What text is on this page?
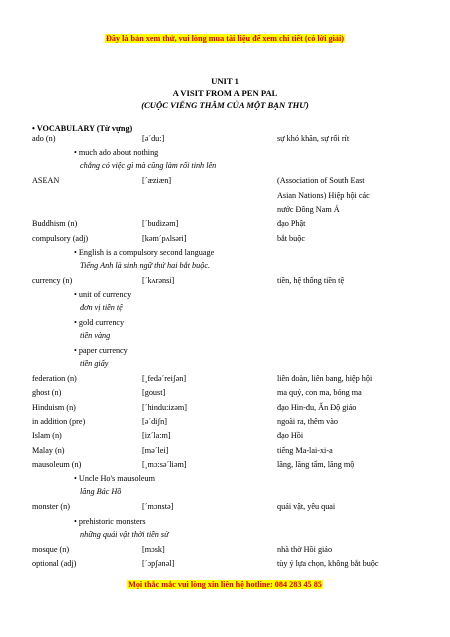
Đây là bản xem thử, vui lòng mua tài liệu để xem chi tiết (có lời giải)
UNIT 1
A VISIT FROM A PEN PAL
(CUỘC VIẾNG THĂM CỦA MỘT BẠN THƯ)
• VOCABULARY (Từ vựng)
ado (n)	[ə´du:]	sự khó khăn, sự rối rít
• much ado about nothing
chẳng có việc gì mà cũng làm rối tinh lên
ASEAN	[´æziæn]	(Association of South East
Asian Nations) Hiệp hội các
nước Đông Nam Á
Buddhism (n)	[´budizəm]	đạo Phật
compulsory (adj)	[kəm´pʌlsəri]	bắt buộc
• English is a compulsory second language
Tiếng Anh là sinh ngữ thứ hai bắt buộc.
currency (n)	[´kʌrənsi]	tiền, hệ thống tiền tệ
• unit of currency
đơn vị tiền tệ
• gold currency
tiền vàng
• paper currency
tiền giấy
federation (n)	[¸fedə´reiʃən]	liên đoàn, liên bang, hiệp hội
ghost (n)	[goust]	ma quỷ, con ma, bóng ma
Hinduism (n)	[´hindu:izəm]	đạo Hin-đu, Ấn Độ giáo
in addition (pre)	[ə´diʃn]	ngoài ra, thêm vào
Islam (n)	[iz´la:m]	đạo Hồi
Malay (n)	[mə´lei]	tiếng Ma-lai-xi-a
mausoleum (n)	[¸mɔ:sə´liəm]	lăng, lăng tẩm, lăng mộ
• Uncle Ho's mausoleum
lăng Bác Hồ
monster (n)	[´mɔnstə]	quái vật, yêu quai
• prehistoric monsters
những quái vật thời tiền sử
mosque (n)	[mɔsk]	nhà thờ Hồi giáo
optional (adj)	[´ɔpʃənəl]	tùy ý lựa chọn, không bắt buộc
Mọi thắc mắc vui lòng xin liên hệ hotline: 084 283 45 85
